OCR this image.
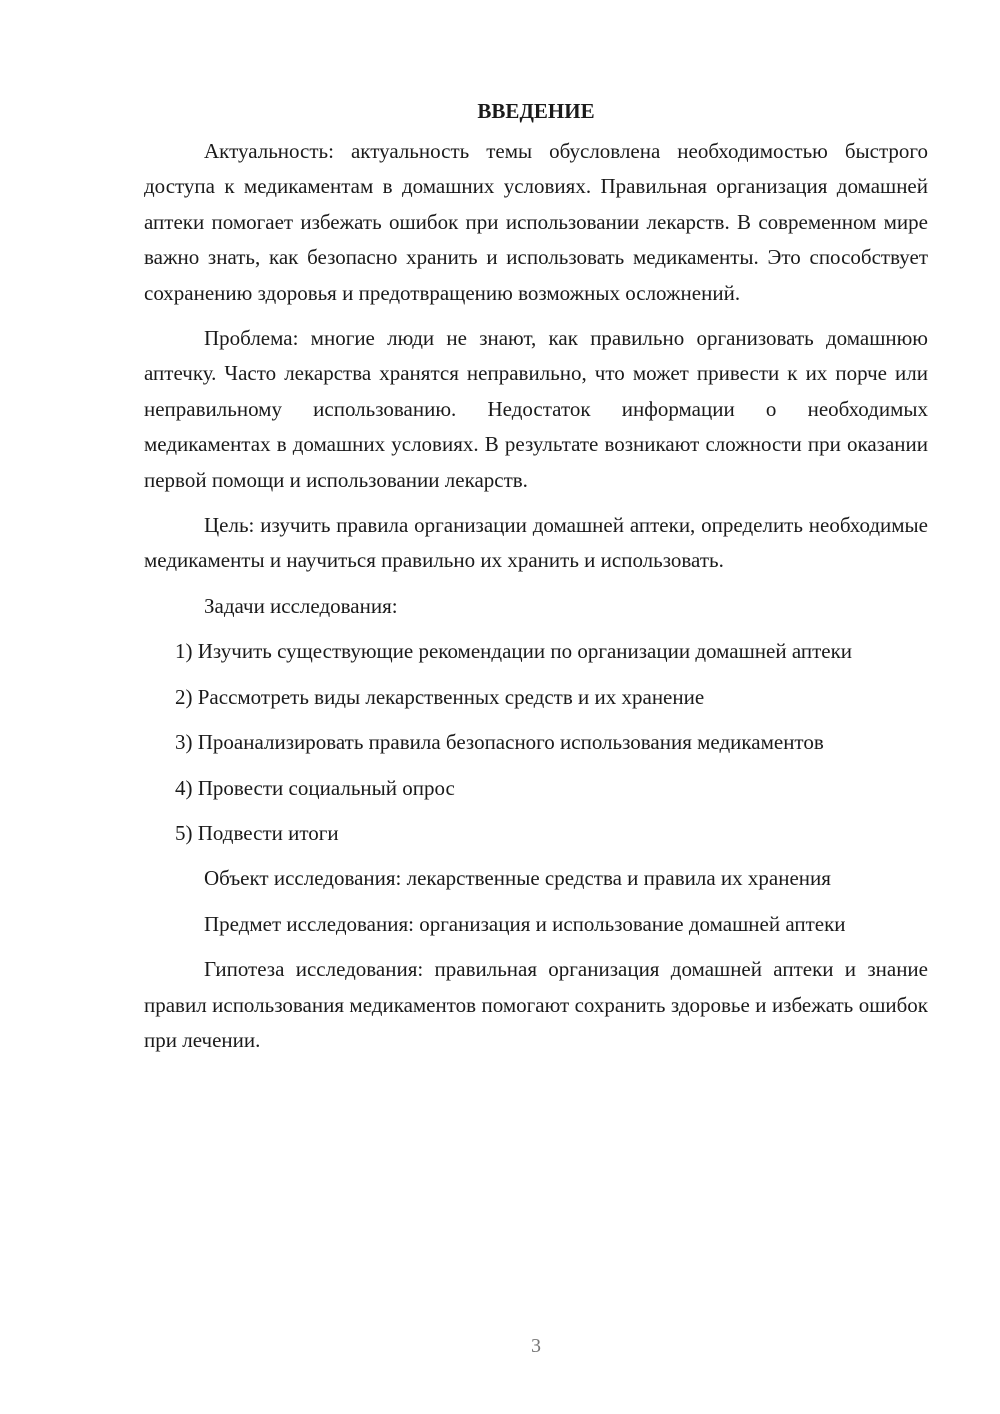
ВВЕДЕНИЕ

Актуальность: актуальность темы обусловлена необходимостью быстрого доступа к медикаментам в домашних условиях. Правильная организация домашней аптеки помогает избежать ошибок при использовании лекарств. В современном мире важно знать, как безопасно хранить и использовать медикаменты. Это способствует сохранению здоровья и предотвращению возможных осложнений.

Проблема: многие люди не знают, как правильно организовать домашнюю аптечку. Часто лекарства хранятся неправильно, что может привести к их порче или неправильному использованию. Недостаток информации о необходимых медикаментах в домашних условиях. В результате возникают сложности при оказании первой помощи и использовании лекарств.

Цель: изучить правила организации домашней аптеки, определить необходимые медикаменты и научиться правильно их хранить и использовать.

Задачи исследования:

1) Изучить существующие рекомендации по организации домашней аптеки

2) Рассмотреть виды лекарственных средств и их хранение

3) Проанализировать правила безопасного использования медикаментов

4) Провести социальный опрос

5) Подвести итоги

Объект исследования: лекарственные средства и правила их хранения

Предмет исследования: организация и использование домашней аптеки

Гипотеза исследования: правильная организация домашней аптеки и знание правил использования медикаментов помогают сохранить здоровье и избежать ошибок при лечении.

3
